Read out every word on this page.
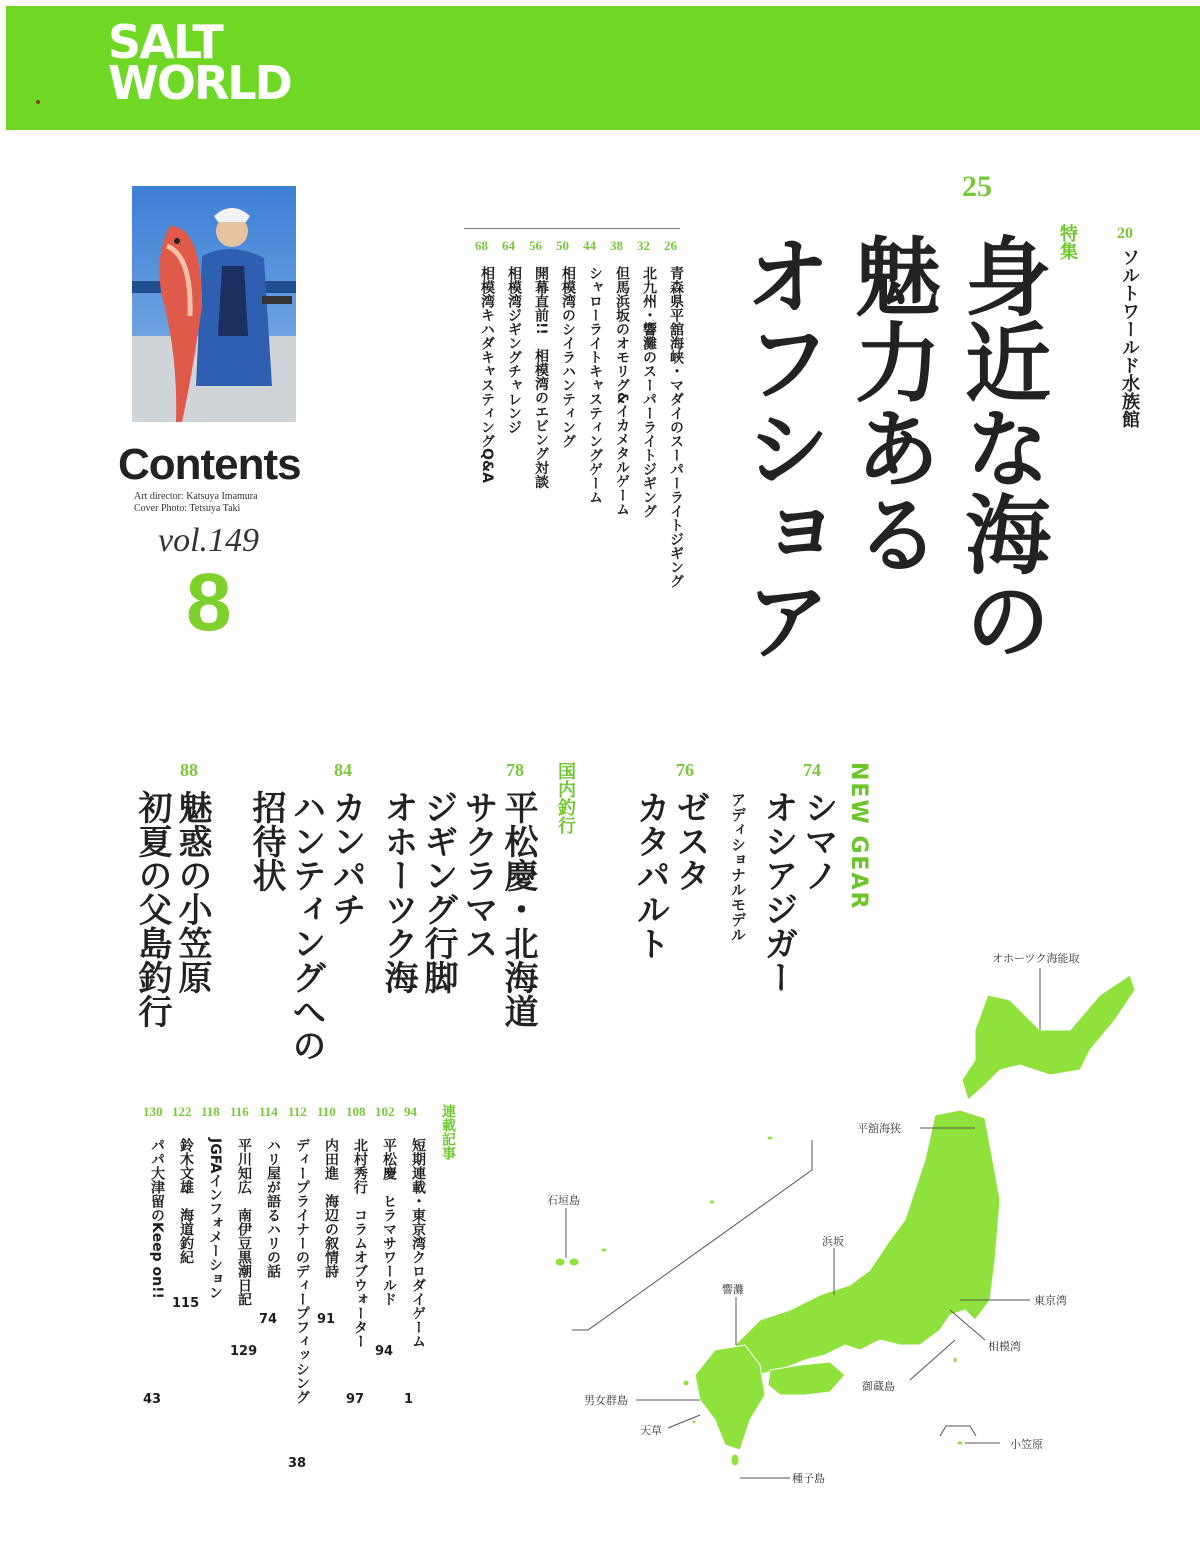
SALT
WORLD
Contents
Art director: Katsuya Imamura
Cover Photo: Tetsuya Taki
vol.149
8
20
ソルトワールド水族館
25
特集
身近な海の
魅力ある
オフショア
26
青森県平舘海峡・マダイのスーパーライトジギング
32
北九州・響灘のスーパーライトジギング
38
但馬浜坂のオモリグ&イカメタルゲーム
44
シャローライトキャスティングゲーム
50
相模湾のシイラハンティング
56
開幕直前!!　相模湾のエビング対談
64
相模湾ジギングチャレンジ
68
相模湾キハダキャスティングQ&A
NEW GEAR
74
シマノ
オシアジガー
アディショナルモデル
76
ゼスタ
カタパルト
国内釣行
78
平松慶・北海道
サクラマス
ジギング行脚
オホーツク海
84
カンパチ
ハンティングへの
招待状
88
魅惑の小笠原
初夏の父島釣行
連載記事
94
短期連載・東京湾クロダイゲーム
1
102
平松慶　ヒラマサワールド
94
108
北村秀行　コラムオブウォーター
97
110
内田進　海辺の叙情詩
91
112
ディープライナーのディープフィッシング
38
114
ハリ屋が語るハリの話
74
116
平川知広　南伊豆黒潮日記
129
118
JGFAインフォメーション
122
鈴木文雄　海道釣紀
115
130
パパ大津留のKeep on!!
43
オホーツク海能取
平舘海狭
石垣島
浜坂
響灘
東京湾
相模湾
御蔵島
男女群島
天草
種子島
小笠原
